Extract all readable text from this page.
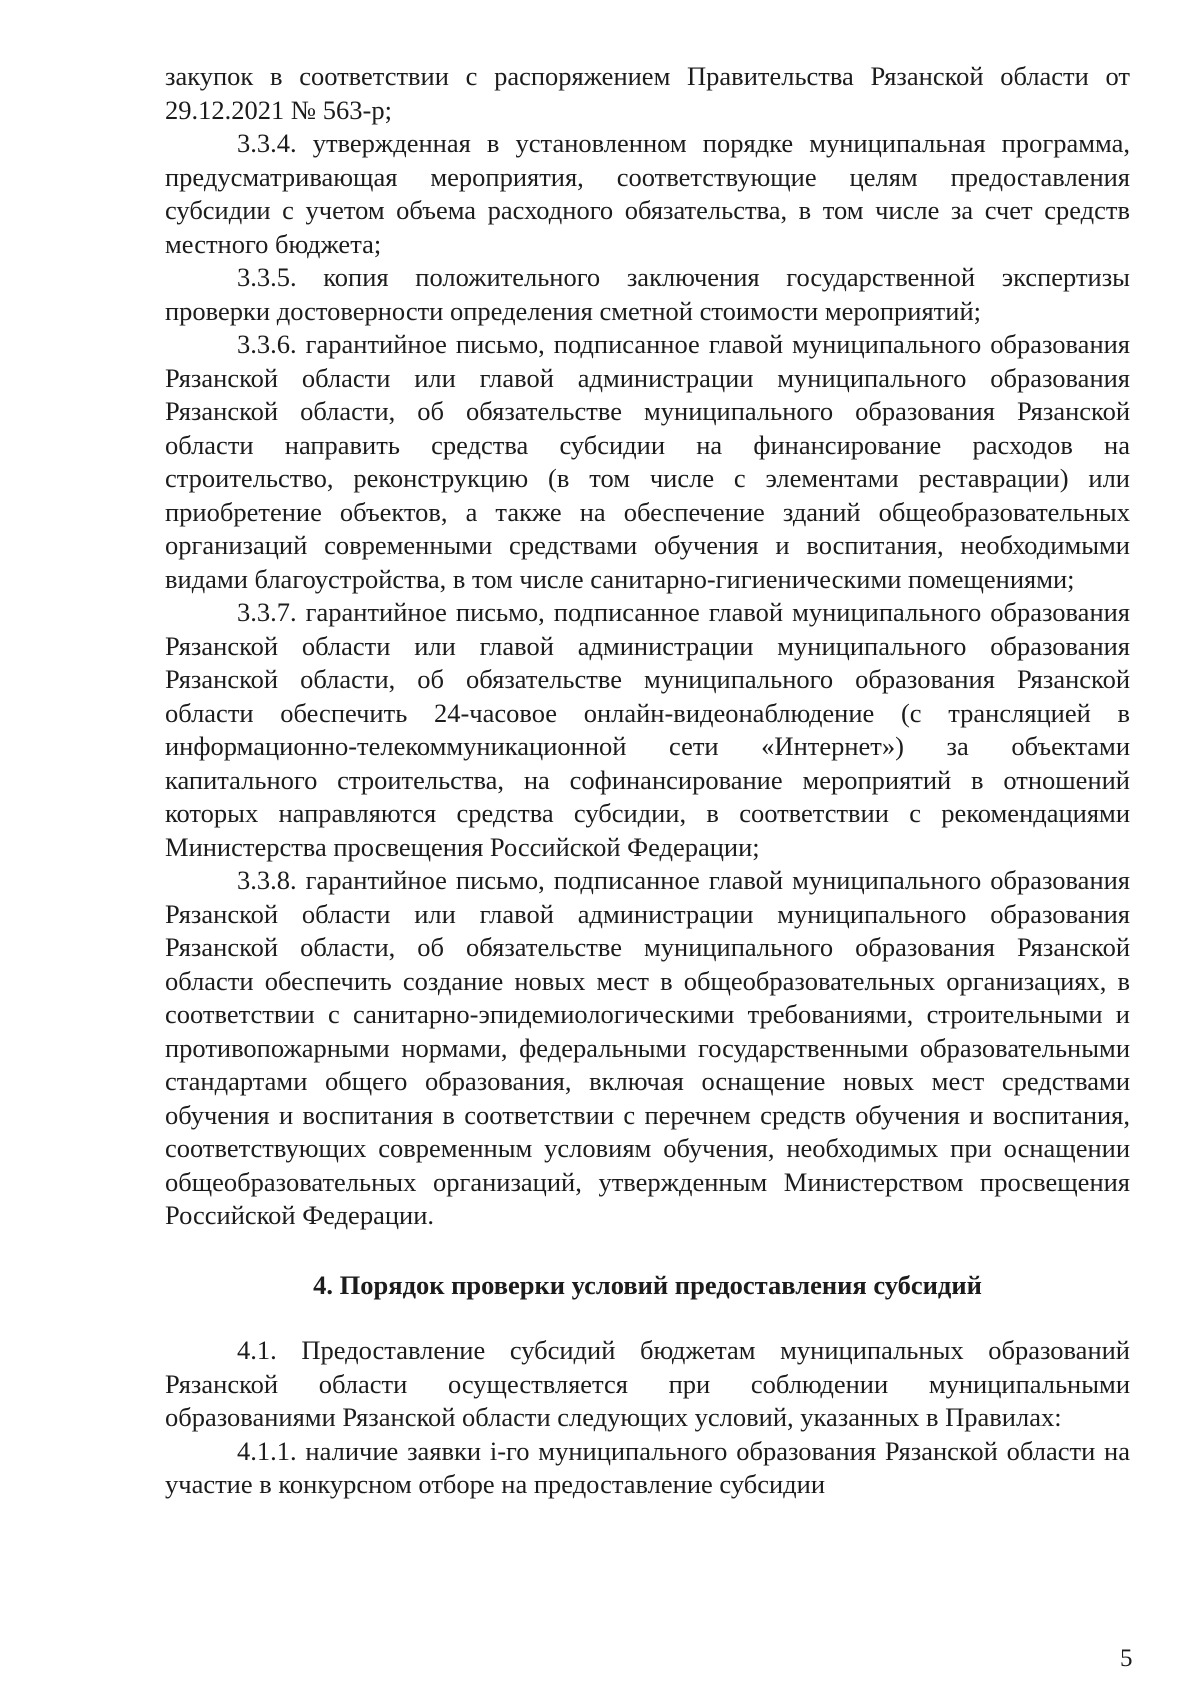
закупок в соответствии с распоряжением Правительства Рязанской области от 29.12.2021 № 563-р;

3.3.4. утвержденная в установленном порядке муниципальная программа, предусматривающая мероприятия, соответствующие целям предоставления субсидии с учетом объема расходного обязательства, в том числе за счет средств местного бюджета;

3.3.5. копия положительного заключения государственной экспертизы проверки достоверности определения сметной стоимости мероприятий;

3.3.6. гарантийное письмо, подписанное главой муниципального образования Рязанской области или главой администрации муниципального образования Рязанской области, об обязательстве муниципального образования Рязанской области направить средства субсидии на финансирование расходов на строительство, реконструкцию (в том числе с элементами реставрации) или приобретение объектов, а также на обеспечение зданий общеобразовательных организаций современными средствами обучения и воспитания, необходимыми видами благоустройства, в том числе санитарно-гигиеническими помещениями;

3.3.7. гарантийное письмо, подписанное главой муниципального образования Рязанской области или главой администрации муниципального образования Рязанской области, об обязательстве муниципального образования Рязанской области обеспечить 24-часовое онлайн-видеонаблюдение (с трансляцией в информационно-телекоммуникационной сети «Интернет») за объектами капитального строительства, на софинансирование мероприятий в отношений которых направляются средства субсидии, в соответствии с рекомендациями Министерства просвещения Российской Федерации;

3.3.8. гарантийное письмо, подписанное главой муниципального образования Рязанской области или главой администрации муниципального образования Рязанской области, об обязательстве муниципального образования Рязанской области обеспечить создание новых мест в общеобразовательных организациях, в соответствии с санитарно-эпидемиологическими требованиями, строительными и противопожарными нормами, федеральными государственными образовательными стандартами общего образования, включая оснащение новых мест средствами обучения и воспитания в соответствии с перечнем средств обучения и воспитания, соответствующих современным условиям обучения, необходимых при оснащении общеобразовательных организаций, утвержденным Министерством просвещения Российской Федерации.

4. Порядок проверки условий предоставления субсидий

4.1. Предоставление субсидий бюджетам муниципальных образований Рязанской области осуществляется при соблюдении муниципальными образованиями Рязанской области следующих условий, указанных в Правилах:

4.1.1. наличие заявки i-го муниципального образования Рязанской области на участие в конкурсном отборе на предоставление субсидии

5
